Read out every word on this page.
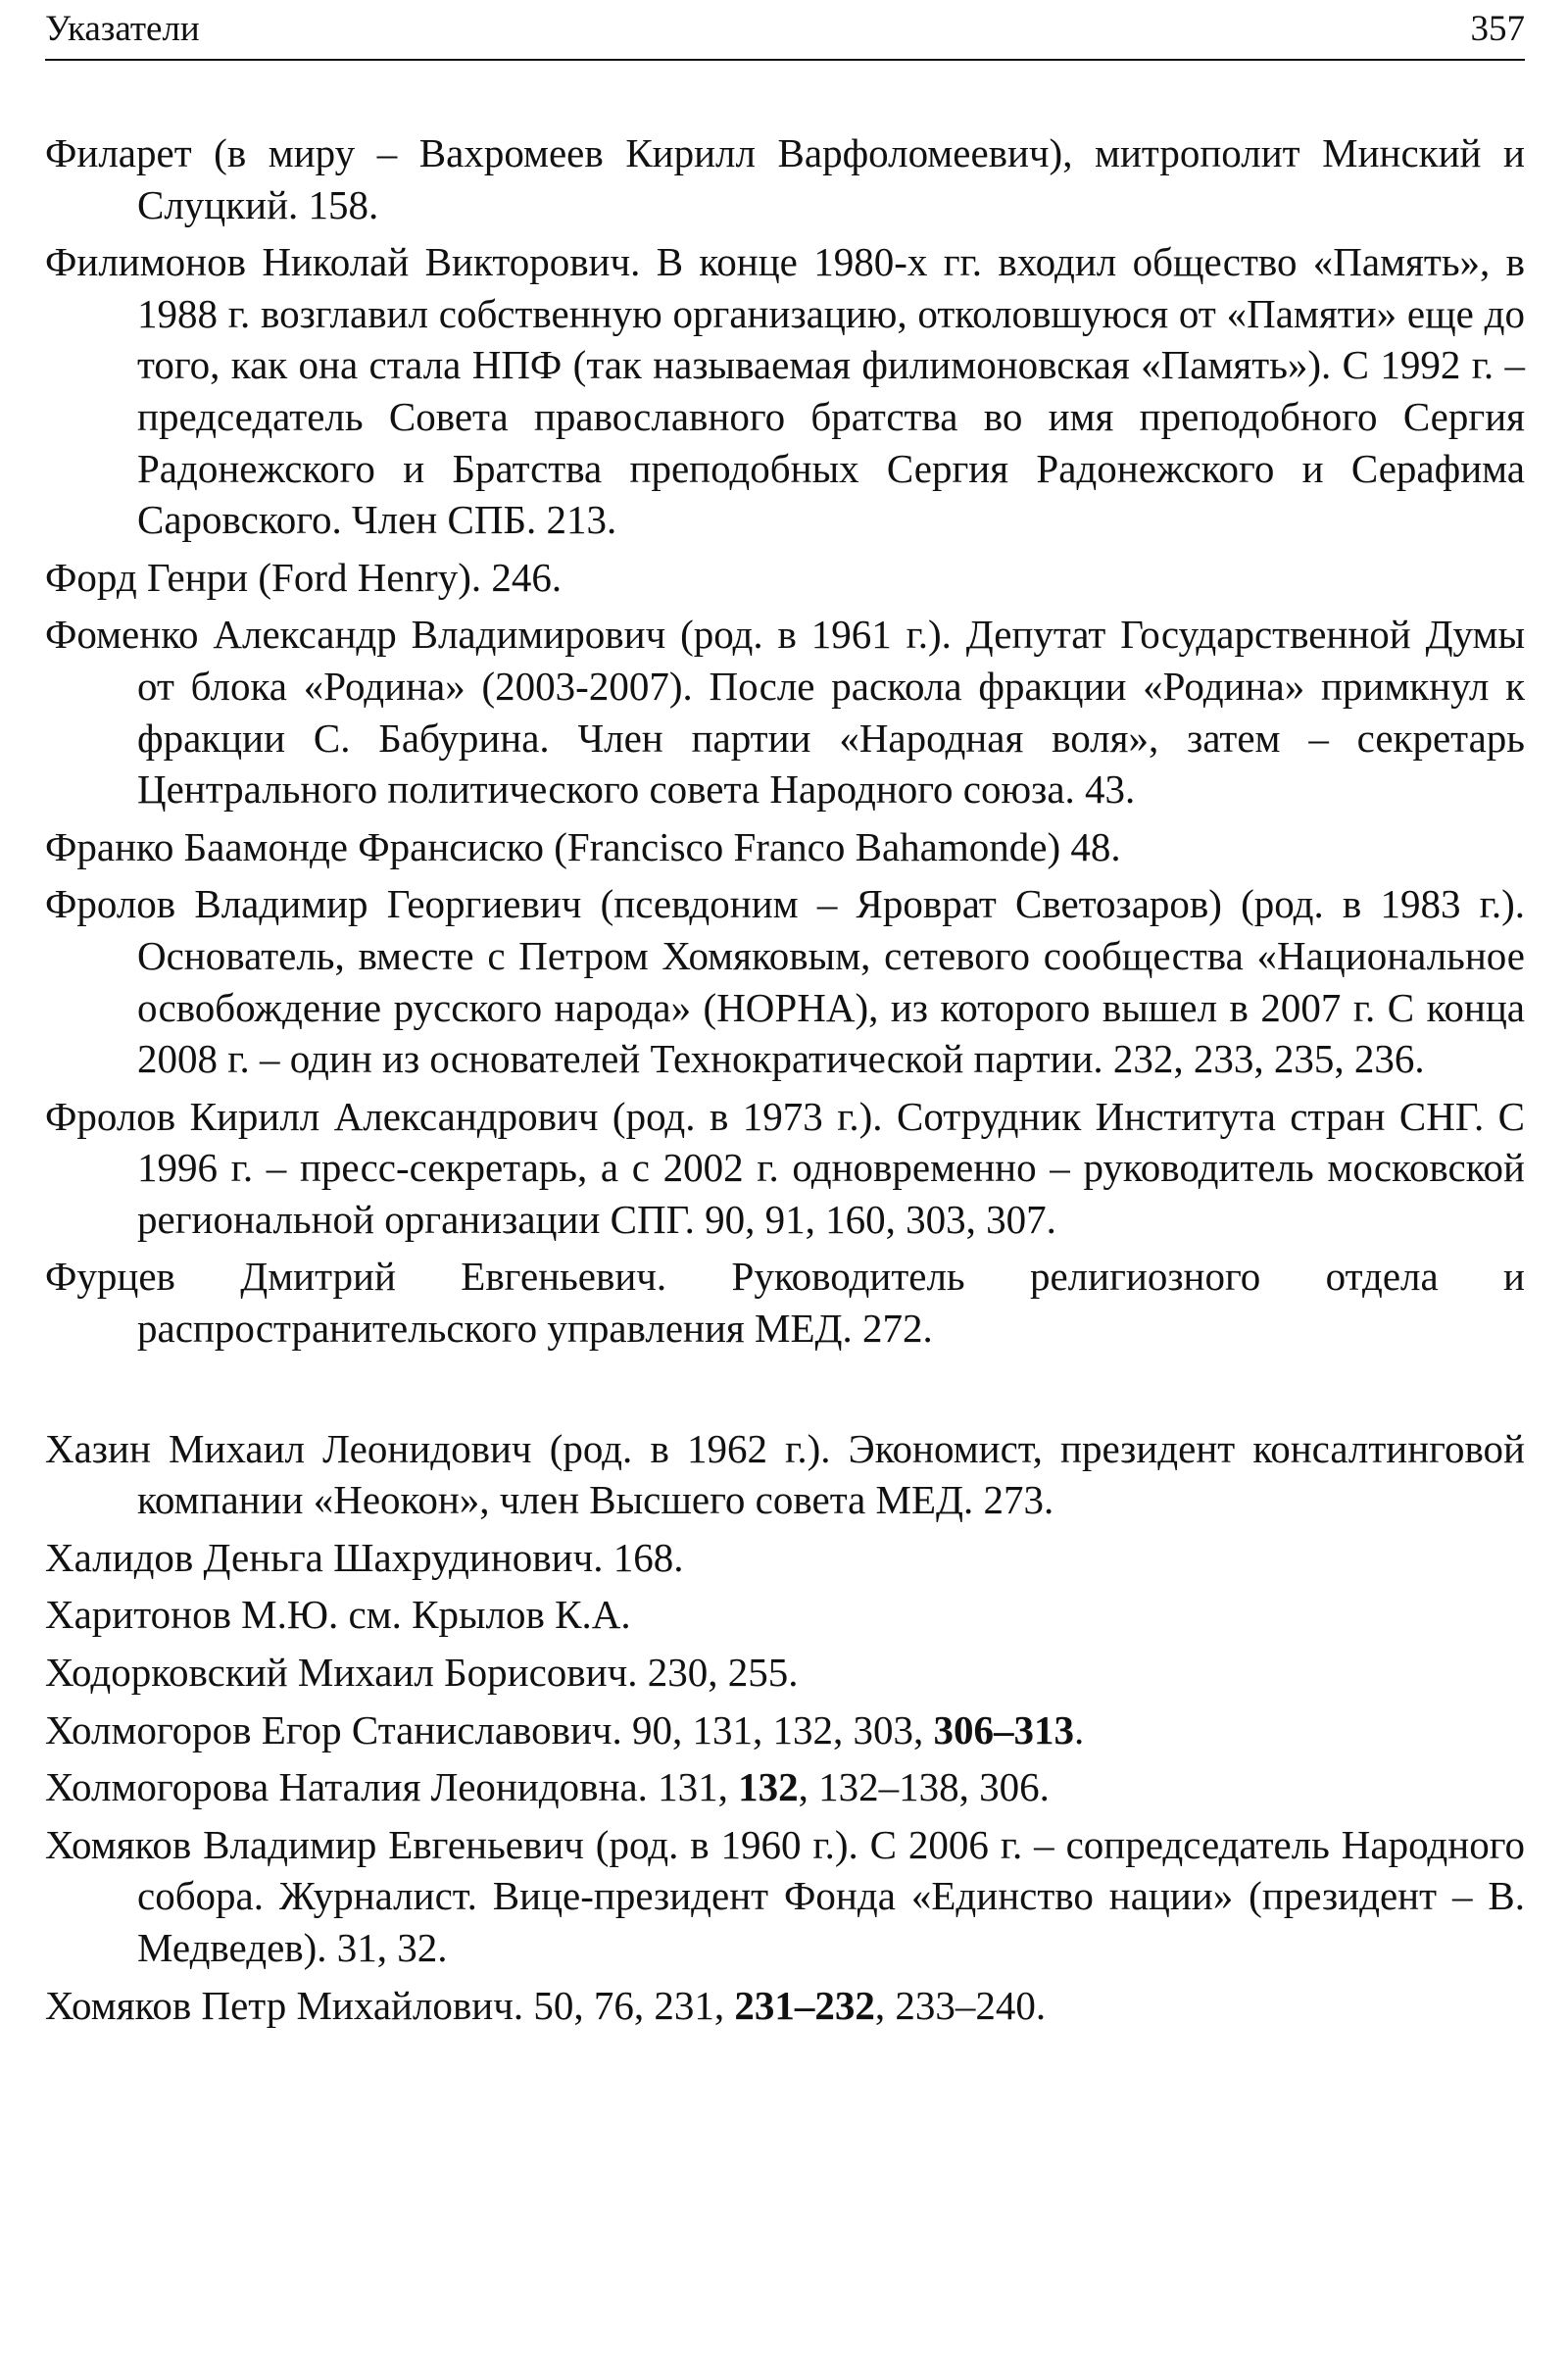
Указатели	357

Филарет (в миру – Вахромеев Кирилл Варфоломеевич), митрополит Минский и Слуцкий. 158.

Филимонов Николай Викторович. В конце 1980-х гг. входил общество «Память», в 1988 г. возглавил собственную организацию, отколовшуюся от «Памяти» еще до того, как она стала НПФ (так называемая филимоновская «Память»). С 1992 г. – председатель Совета православного братства во имя преподобного Сергия Радонежского и Братства преподобных Сергия Радонежского и Серафима Саровского. Член СПБ. 213.

Форд Генри (Ford Henry). 246.

Фоменко Александр Владимирович (род. в 1961 г.). Депутат Государственной Думы от блока «Родина» (2003-2007). После раскола фракции «Родина» примкнул к фракции С. Бабурина. Член партии «Народная воля», затем – секретарь Центрального политического совета Народного союза. 43.

Франко Баамонде Франсиско (Francisco Franco Bahamonde) 48.

Фролов Владимир Георгиевич (псевдоним – Яроврат Светозаров) (род. в 1983 г.). Основатель, вместе с Петром Хомяковым, сетевого сообщества «Национальное освобождение русского народа» (НОРНА), из которого вышел в 2007 г. С конца 2008 г. – один из основателей Технократической партии. 232, 233, 235, 236.

Фролов Кирилл Александрович (род. в 1973 г.). Сотрудник Института стран СНГ. С 1996 г. – пресс-секретарь, а с 2002 г. одновременно – руководитель московской региональной организации СПГ. 90, 91, 160, 303, 307.

Фурцев Дмитрий Евгеньевич. Руководитель религиозного отдела и распространительского управления МЕД. 272.

Хазин Михаил Леонидович (род. в 1962 г.). Экономист, президент консалтинговой компании «Неокон», член Высшего совета МЕД. 273.

Халидов Деньга Шахрудинович. 168.

Харитонов М.Ю. см. Крылов К.А.

Ходорковский Михаил Борисович. 230, 255.

Холмогоров Егор Станиславович. 90, 131, 132, 303, 306–313.

Холмогорова Наталия Леонидовна. 131, 132, 132–138, 306.

Хомяков Владимир Евгеньевич (род. в 1960 г.). С 2006 г. – сопредседатель Народного собора. Журналист. Вице-президент Фонда «Единство нации» (президент – В. Медведев). 31, 32.

Хомяков Петр Михайлович. 50, 76, 231, 231–232, 233–240.
